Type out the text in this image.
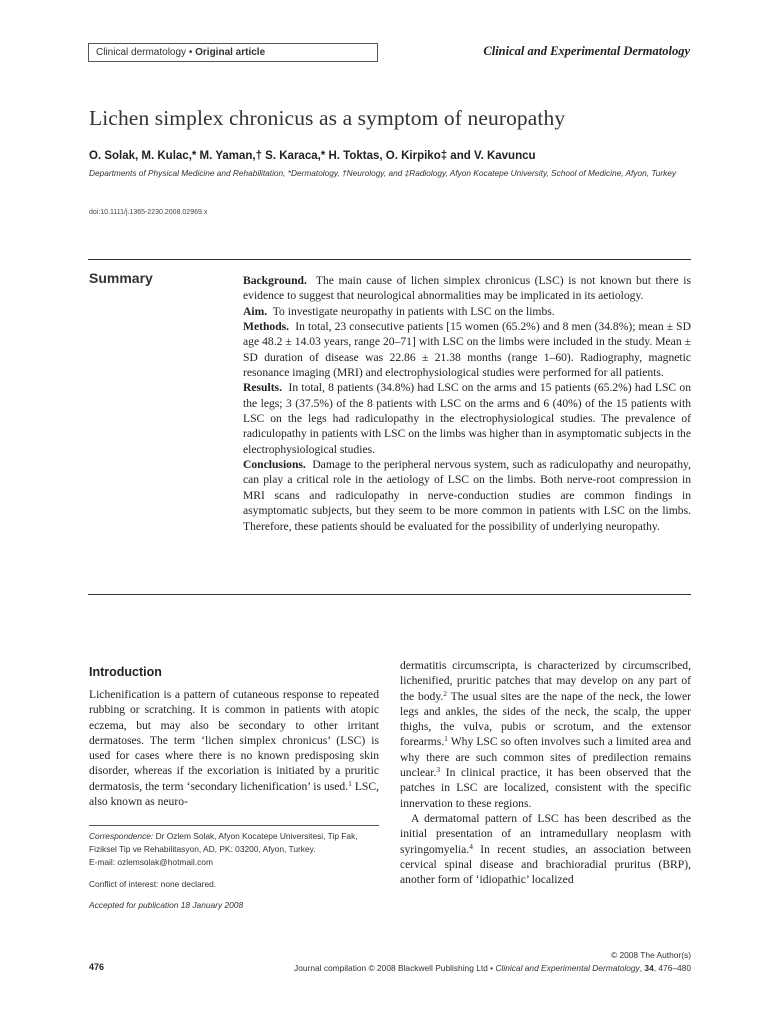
Clinical dermatology • Original article	Clinical and Experimental Dermatology
Lichen simplex chronicus as a symptom of neuropathy
O. Solak, M. Kulac,* M. Yaman,† S. Karaca,* H. Toktas, O. Kirpiko‡ and V. Kavuncu
Departments of Physical Medicine and Rehabilitation, *Dermatology, †Neurology, and ‡Radiology, Afyon Kocatepe University, School of Medicine, Afyon, Turkey
doi:10.1111/j.1365-2230.2008.02969.x
Summary	Background. The main cause of lichen simplex chronicus (LSC) is not known but there is evidence to suggest that neurological abnormalities may be implicated in its aetiology.

Aim. To investigate neuropathy in patients with LSC on the limbs.

Methods. In total, 23 consecutive patients [15 women (65.2%) and 8 men (34.8%); mean ± SD age 48.2 ± 14.03 years, range 20–71] with LSC on the limbs were included in the study. Mean ± SD duration of disease was 22.86 ± 21.38 months (range 1–60). Radiography, magnetic resonance imaging (MRI) and electrophysiological studies were performed for all patients.

Results. In total, 8 patients (34.8%) had LSC on the arms and 15 patients (65.2%) had LSC on the legs; 3 (37.5%) of the 8 patients with LSC on the arms and 6 (40%) of the 15 patients with LSC on the legs had radiculopathy in the electrophysiological studies. The prevalence of radiculopathy in patients with LSC on the limbs was higher than in asymptomatic subjects in the electrophysiological studies.

Conclusions. Damage to the peripheral nervous system, such as radiculopathy and neuropathy, can play a critical role in the aetiology of LSC on the limbs. Both nerve-root compression in MRI scans and radiculopathy in nerve-conduction studies are common findings in asymptomatic subjects, but they seem to be more common in patients with LSC on the limbs. Therefore, these patients should be evaluated for the possibility of underlying neuropathy.

Introduction

Lichenification is a pattern of cutaneous response to repeated rubbing or scratching. It is common in patients with atopic eczema, but may also be secondary to other irritant dermatoses. The term ‘lichen simplex chronicus’ (LSC) is used for cases where there is no known predisposing skin disorder, whereas if the excoriation is initiated by a pruritic dermatosis, the term ‘secondary lichenification’ is used.$^1$ LSC, also known as neuro-

Correspondence: Dr Ozlem Solak, Afyon Kocatepe Universitesi, Tip Fak, Fiziksel Tip ve Rehabilitasyon, AD, PK: 03200, Afyon, Turkey.

E-mail: ozlemsolak@hotmail.com

Conflict of interest: none declared.

Accepted for publication 18 January 2008

dermatitis circumscripta, is characterized by circumscribed, lichenified, pruritic patches that may develop on any part of the body.$^2$ The usual sites are the nape of the neck, the lower legs and ankles, the sides of the neck, the scalp, the upper thighs, the vulva, pubis or scrotum, and the extensor forearms.$^1$ Why LSC so often involves such a limited area and why there are such common sites of predilection remains unclear.$^3$ In clinical practice, it has been observed that the patches in LSC are localized, consistent with the specific innervation to these regions.

A dermatomal pattern of LSC has been described as the initial presentation of an intramedullary neoplasm with syringomyelia.$^4$ In recent studies, an association between cervical spinal disease and brachioradial pruritus (BRP), another form of ‘idiopathic’ localized

476
© 2008 The Author(s)
Journal compilation © 2008 Blackwell Publishing Ltd • Clinical and Experimental Dermatology, 34, 476–480
